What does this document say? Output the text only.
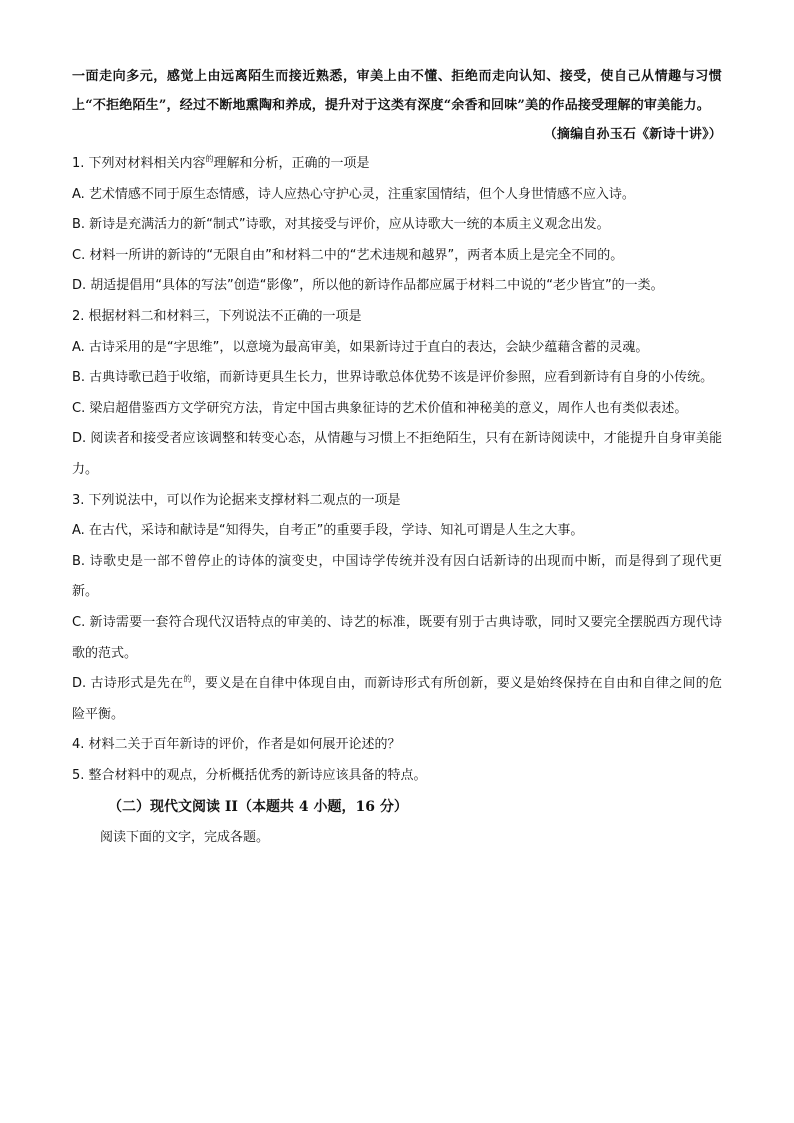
一面走向多元，感觉上由远离陌生而接近熟悉，审美上由不懂、拒绝而走向认知、接受，使自己从情趣与习惯上“不拒绝陌生”，经过不断地熏陶和养成，提升对于这类有深度“余香和回味”美的作品接受理解的审美能力。

（摘编自孙玉石《新诗十讲》）

1. 下列对材料相关内容$^的$理解和分析，正确的一项是

A. 艺术情感不同于原生态情感，诗人应热心守护心灵，注重家国情结，但个人身世情感不应入诗。

B. 新诗是充满活力的新“制式”诗歌，对其接受与评价，应从诗歌大一统的本质主义观念出发。

C. 材料一所讲的新诗的“无限自由”和材料二中的“艺术违规和越界”，两者本质上是完全不同的。

D. 胡适提倡用“具体的写法”创造“影像”，所以他的新诗作品都应属于材料二中说的“老少皆宜”的一类。

2. 根据材料二和材料三，下列说法不正确的一项是

A. 古诗采用的是“字思维”，以意境为最高审美，如果新诗过于直白的表达，会缺少蕴藉含蓄的灵魂。

B. 古典诗歌已趋于收缩，而新诗更具生长力，世界诗歌总体优势不该是评价参照，应看到新诗有自身的小传统。

C. 梁启超借鉴西方文学研究方法，肯定中国古典象征诗的艺术价值和神秘美的意义，周作人也有类似表述。

D. 阅读者和接受者应该调整和转变心态，从情趣与习惯上不拒绝陌生，只有在新诗阅读中，才能提升自身审美能力。

3. 下列说法中，可以作为论据来支撑材料二观点的一项是

A. 在古代，采诗和献诗是“知得失，自考正”的重要手段，学诗、知礼可谓是人生之大事。

B. 诗歌史是一部不曾停止的诗体的演变史，中国诗学传统并没有因白话新诗的出现而中断，而是得到了现代更新。

C. 新诗需要一套符合现代汉语特点的审美的、诗艺的标准，既要有别于古典诗歌，同时又要完全摆脱西方现代诗歌的范式。

D. 古诗形式是先在$^的$，要义是在自律中体现自由，而新诗形式有所创新，要义是始终保持在自由和自律之间的危险平衡。

4. 材料二关于百年新诗的评价，作者是如何展开论述的？

5. 整合材料中的观点，分析概括优秀的新诗应该具备的特点。

（二）现代文阅读 II（本题共 4 小题，16 分）

阅读下面的文字，完成各题。
